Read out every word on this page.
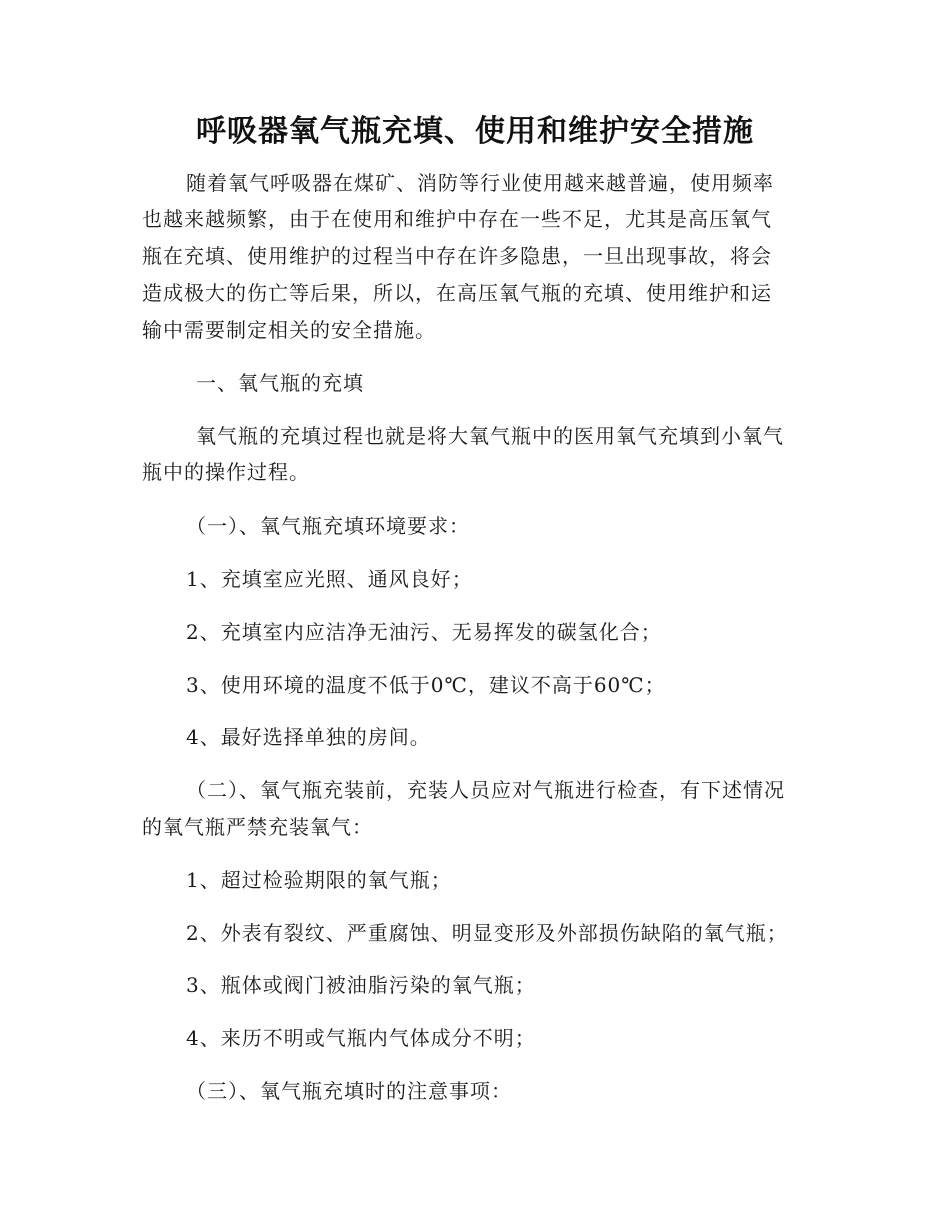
呼吸器氧气瓶充填、使用和维护安全措施

随着氧气呼吸器在煤矿、消防等行业使用越来越普遍，使用频率

也越来越频繁，由于在使用和维护中存在一些不足，尤其是高压氧气

瓶在充填、使用维护的过程当中存在许多隐患，一旦出现事故，将会

造成极大的伤亡等后果，所以，在高压氧气瓶的充填、使用维护和运

输中需要制定相关的安全措施。

一、氧气瓶的充填

氧气瓶的充填过程也就是将大氧气瓶中的医用氧气充填到小氧气

瓶中的操作过程。

（一）、氧气瓶充填环境要求：

1、充填室应光照、通风良好；

2、充填室内应洁净无油污、无易挥发的碳氢化合；

3、使用环境的温度不低于0℃，建议不高于60℃；

4、最好选择单独的房间。

（二）、氧气瓶充装前，充装人员应对气瓶进行检查，有下述情况

的氧气瓶严禁充装氧气：

1、超过检验期限的氧气瓶；

2、外表有裂纹、严重腐蚀、明显变形及外部损伤缺陷的氧气瓶；

3、瓶体或阀门被油脂污染的氧气瓶；

4、来历不明或气瓶内气体成分不明；

（三）、氧气瓶充填时的注意事项：
